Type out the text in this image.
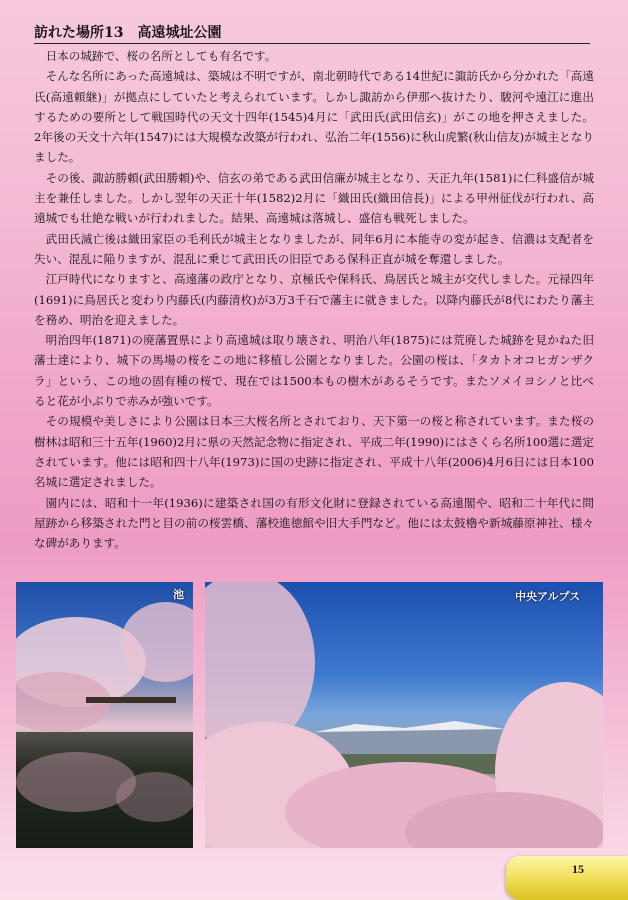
訪れた場所13　高遠城址公園

日本の城跡で、桜の名所としても有名です。

そんな名所にあった高遠城は、築城は不明ですが、南北朝時代である14世紀に諏訪氏から分かれた「高遠氏(高遠頼継)」が拠点にしていたと考えられています。しかし諏訪から伊那へ抜けたり、駿河や遠江に進出するための要所として戦国時代の天文十四年(1545)4月に「武田氏(武田信玄)」がこの地を押さえました。2年後の天文十六年(1547)には大規模な改築が行われ、弘治二年(1556)に秋山虎繁(秋山信友)が城主となりました。

その後、諏訪勝頼(武田勝頼)や、信玄の弟である武田信廉が城主となり、天正九年(1581)に仁科盛信が城主を兼任しました。しかし翌年の天正十年(1582)2月に「織田氏(織田信長)」による甲州征伐が行われ、高遠城でも壮絶な戦いが行われました。結果、高遠城は落城し、盛信も戦死しました。

武田氏滅亡後は織田家臣の毛利氏が城主となりましたが、同年6月に本能寺の変が起き、信濃は支配者を失い、混乱に陥りますが、混乱に乗じて武田氏の旧臣である保科正直が城を奪還しました。

江戸時代になりますと、高遠藩の政庁となり、京極氏や保科氏、鳥居氏と城主が交代しました。元禄四年(1691)に鳥居氏と変わり内藤氏(内藤清枚)が3万3千石で藩主に就きました。以降内藤氏が8代にわたり藩主を務め、明治を迎えました。

明治四年(1871)の廃藩置県により高遠城は取り壊され、明治八年(1875)には荒廃した城跡を見かねた旧藩士達により、城下の馬場の桜をこの地に移植し公園となりました。公園の桜は、「タカトオコヒガンザクラ」という、この地の固有種の桜で、現在では1500本もの樹木があるそうです。またソメイヨシノと比べると花が小ぶりで赤みが強いです。

その規模や美しさにより公園は日本三大桜名所とされており、天下第一の桜と称されています。また桜の樹林は昭和三十五年(1960)2月に県の天然記念物に指定され、平成二年(1990)にはさくら名所100選に選定されています。他には昭和四十八年(1973)に国の史跡に指定され、平成十八年(2006)4月6日には日本100名城に選定されました。

園内には、昭和十一年(1936)に建築され国の有形文化財に登録されている高遠閣や、昭和二十年代に問屋跡から移築された門と目の前の桜雲橋、藩校進徳館や旧大手門など。他には太鼓櫓や新城藤原神社、様々な碑があります。

池	中央アルプス
15
